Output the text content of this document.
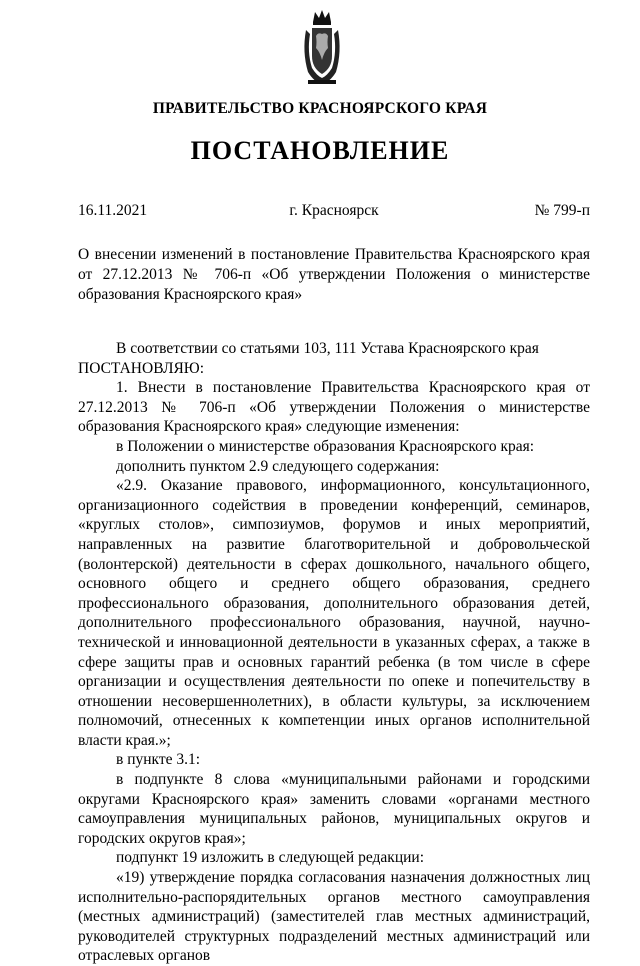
ПРАВИТЕЛЬСТВО КРАСНОЯРСКОГО КРАЯ
ПОСТАНОВЛЕНИЕ
16.11.2021	г. Красноярск	№ 799-п

О внесении изменений в постановление Правительства Красноярского края от 27.12.2013 № 706-п «Об утверждении Положения о министерстве образования Красноярского края»

В соответствии со статьями 103, 111 Устава Красноярского края

ПОСТАНОВЛЯЮ:

1. Внести в постановление Правительства Красноярского края от 27.12.2013 № 706-п «Об утверждении Положения о министерстве образования Красноярского края» следующие изменения:

в Положении о министерстве образования Красноярского края:

дополнить пунктом 2.9 следующего содержания:

«2.9. Оказание правового, информационного, консультационного, организационного содействия в проведении конференций, семинаров, «круглых столов», симпозиумов, форумов и иных мероприятий, направленных на развитие благотворительной и добровольческой (волонтерской) деятельности в сферах дошкольного, начального общего, основного общего и среднего общего образования, среднего профессионального образования, дополнительного образования детей, дополнительного профессионального образования, научной, научно-технической и инновационной деятельности в указанных сферах, а также в сфере защиты прав и основных гарантий ребенка (в том числе в сфере организации и осуществления деятельности по опеке и попечительству в отношении несовершеннолетних), в области культуры, за исключением полномочий, отнесенных к компетенции иных органов исполнительной власти края.»;

в пункте 3.1:

в подпункте 8 слова «муниципальными районами и городскими округами Красноярского края» заменить словами «органами местного самоуправления муниципальных районов, муниципальных округов и городских округов края»;

подпункт 19 изложить в следующей редакции:

«19) утверждение порядка согласования назначения должностных лиц исполнительно-распорядительных органов местного самоуправления (местных администраций) (заместителей глав местных администраций, руководителей структурных подразделений местных администраций или отраслевых органов
